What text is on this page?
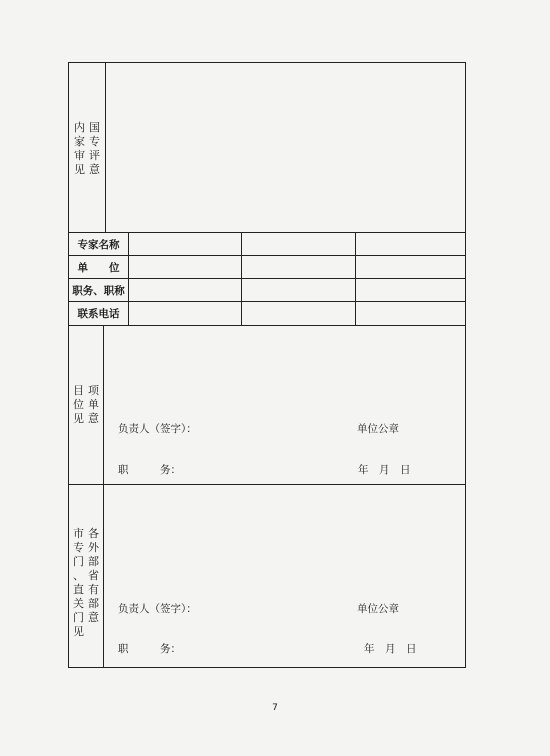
国
专
评
意
内
家
审
见
专家名称
单　　位
职务、职称
联系电话
项
单
意
目
位
见
负责人（签字）：	单位公章
职　　　务：	年　月　日
各
外
部
省
有
部
意
市
专
门
、
直
关
门
见
负责人（签字）：	单位公章
职　　　务：	年　月　日
7
